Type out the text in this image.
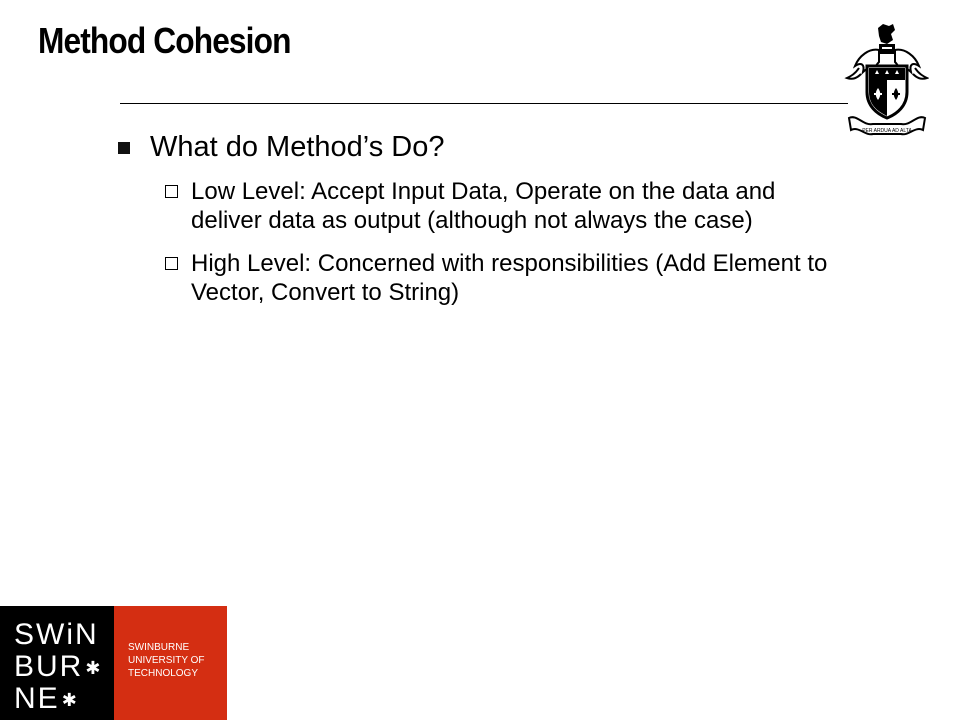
Method Cohesion
PER ARDUA AD ALTA
What do Method’s Do?
Low Level: Accept Input Data, Operate on the data and deliver data as output (although not always the case)
High Level: Concerned with responsibilities (Add Element to Vector, Convert to String)
SWiN
BUR ✱
NE ✱
SWINBURNE
UNIVERSITY OF
TECHNOLOGY
